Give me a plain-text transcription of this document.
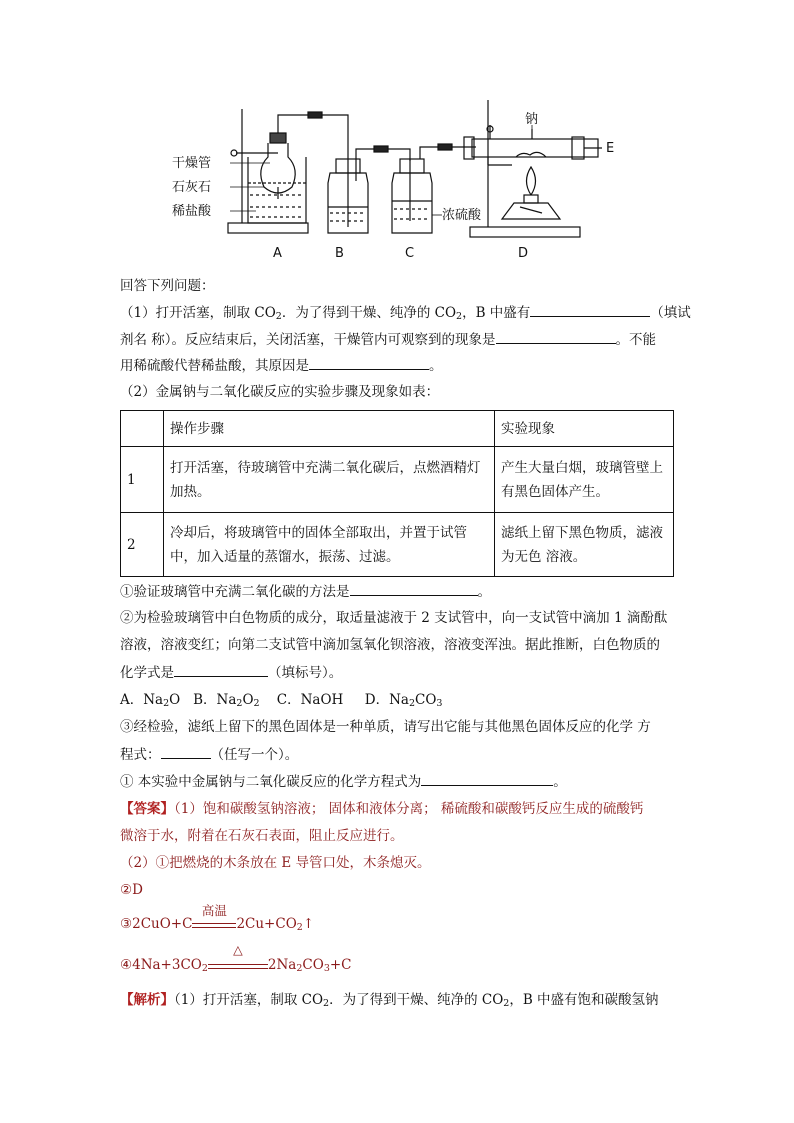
干燥管
石灰石
稀盐酸	浓硫酸
钠
E
A	B	C	D
回答下列问题：
（1）打开活塞，制取 $CO_2$．为了得到干燥、纯净的 $CO_2$，B 中盛有	（填试
剂名 称）。反应结束后，关闭活塞，干燥管内可观察到的现象是	。不能
用稀硫酸代替稀盐酸，其原因是	。
（2）金属钠与二氧化碳反应的实验步骤及现象如表：
	操作步骤	实验现象
1	打开活塞，待玻璃管中充满二氧化碳后，点燃酒精灯加热。	产生大量白烟，玻璃管壁上有黑色固体产生。
2	冷却后，将玻璃管中的固体全部取出，并置于试管中，加入适量的蒸馏水，振荡、过滤。	滤纸上留下黑色物质，滤液为无色 溶液。
①验证玻璃管中充满二氧化碳的方法是	。
②为检验玻璃管中白色物质的成分，取适量滤液于 2 支试管中，向一支试管中滴加 1 滴酚酞
溶液，溶液变红；向第二支试管中滴加氢氧化钡溶液，溶液变浑浊。据此推断，白色物质的
化学式是	（填标号）。
A．$Na_2O$ B．$Na_2O_2$ C．NaOH D．$Na_2CO_3$
③经检验，滤纸上留下的黑色固体是一种单质，请写出它能与其他黑色固体反应的化学 方
程式：	（任写一个）。
① 本实验中金属钠与二氧化碳反应的化学方程式为	。
【答案】（1）饱和碳酸氢钠溶液； 固体和液体分离； 稀硫酸和碳酸钙反应生成的硫酸钙
微溶于水，附着在石灰石表面，阻止反应进行。
（2）①把燃烧的木条放在 E 导管口处，木条熄灭。
②D
③2CuO+C
高温
$2Cu+CO_2↑$
$④4Na+3CO_2$
△
$2Na_2CO_3+C$
【解析】（1）打开活塞，制取 $CO_2$．为了得到干燥、纯净的 $CO_2$，B 中盛有饱和碳酸氢钠
